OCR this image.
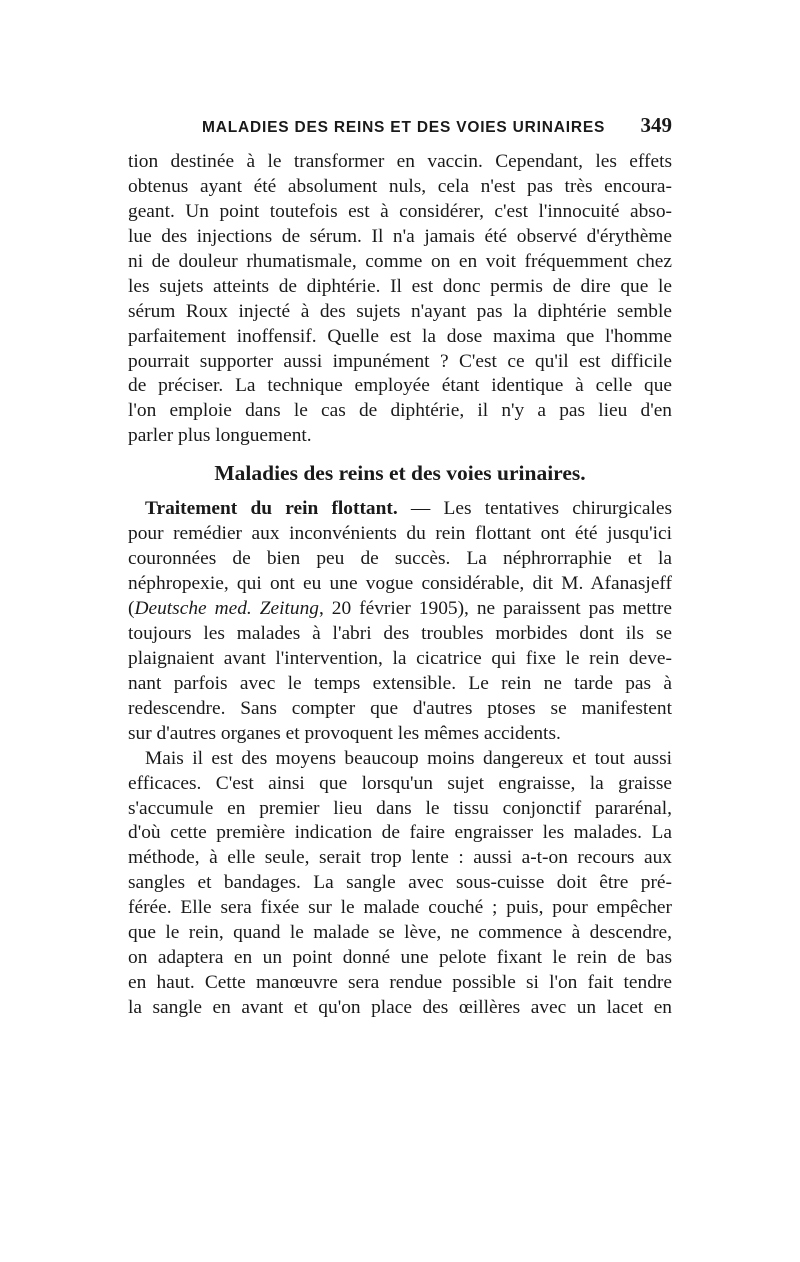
MALADIES DES REINS ET DES VOIES URINAIRES 349
tion destinée à le transformer en vaccin. Cependant, les effets
obtenus ayant été absolument nuls, cela n'est pas très encoura-
geant. Un point toutefois est à considérer, c'est l'innocuité abso-
lue des injections de sérum. Il n'a jamais été observé d'érythème
ni de douleur rhumatismale, comme on en voit fréquemment chez
les sujets atteints de diphtérie. Il est donc permis de dire que le
sérum Roux injecté à des sujets n'ayant pas la diphtérie semble
parfaitement inoffensif. Quelle est la dose maxima que l'homme
pourrait supporter aussi impunément ? C'est ce qu'il est difficile
de préciser. La technique employée étant identique à celle que
l'on emploie dans le cas de diphtérie, il n'y a pas lieu d'en
parler plus longuement.
Maladies des reins et des voies urinaires.
Traitement du rein flottant. — Les tentatives chirurgicales
pour remédier aux inconvénients du rein flottant ont été jusqu'ici
couronnées de bien peu de succès. La néphrorraphie et la
néphropexie, qui ont eu une vogue considérable, dit M. Afanasjeff
(Deutsche med. Zeitung, 20 février 1905), ne paraissent pas mettre
toujours les malades à l'abri des troubles morbides dont ils se
plaignaient avant l'intervention, la cicatrice qui fixe le rein deve-
nant parfois avec le temps extensible. Le rein ne tarde pas à
redescendre. Sans compter que d'autres ptoses se manifestent
sur d'autres organes et provoquent les mêmes accidents.
Mais il est des moyens beaucoup moins dangereux et tout aussi
efficaces. C'est ainsi que lorsqu'un sujet engraisse, la graisse
s'accumule en premier lieu dans le tissu conjonctif pararénal,
d'où cette première indication de faire engraisser les malades. La
méthode, à elle seule, serait trop lente : aussi a-t-on recours aux
sangles et bandages. La sangle avec sous-cuisse doit être pré-
férée. Elle sera fixée sur le malade couché ; puis, pour empêcher
que le rein, quand le malade se lève, ne commence à descendre,
on adaptera en un point donné une pelote fixant le rein de bas
en haut. Cette manœuvre sera rendue possible si l'on fait tendre
la sangle en avant et qu'on place des œillères avec un lacet en
